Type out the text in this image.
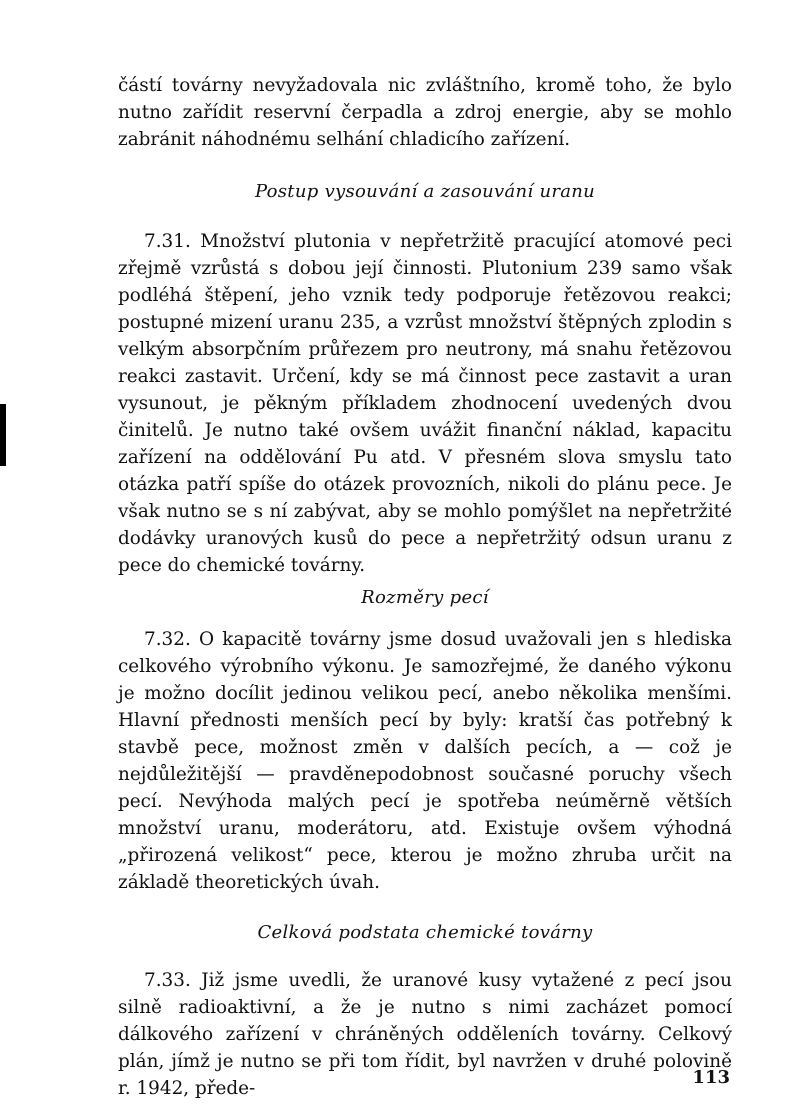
částí továrny nevyžadovala nic zvláštního, kromě toho, že bylo nutno zařídit reservní čerpadla a zdroj energie, aby se mohlo zabránit náhodnému selhání chladicího zařízení.

Postup vysouvání a zasouvání uranu

7.31. Množství plutonia v nepřetržitě pracující atomové peci zřejmě vzrůstá s dobou její činnosti. Plutonium 239 samo však podléhá štěpení, jeho vznik tedy podporuje řetězovou reakci; postupné mizení uranu 235, a vzrůst množství štěpných zplodin s velkým absorpčním průřezem pro neutrony, má snahu řetězovou reakci zastavit. Určení, kdy se má činnost pece zastavit a uran vysunout, je pěkným příkladem zhodnocení uvedených dvou činitelů. Je nutno také ovšem uvážit finanční náklad, kapacitu zařízení na oddělování Pu atd. V přesném slova smyslu tato otázka patří spíše do otázek provozních, nikoli do plánu pece. Je však nutno se s ní zabývat, aby se mohlo pomýšlet na nepřetržité dodávky uranových kusů do pece a nepřetržitý odsun uranu z pece do chemické továrny.

Rozměry pecí

7.32. O kapacitě továrny jsme dosud uvažovali jen s hlediska celkového výrobního výkonu. Je samozřejmé, že daného výkonu je možno docílit jedinou velikou pecí, anebo několika menšími. Hlavní přednosti menších pecí by byly: kratší čas potřebný k stavbě pece, možnost změn v dalších pecích, a — což je nejdůležitější — pravděnepodobnost současné poruchy všech pecí. Nevýhoda malých pecí je spotřeba neúměrně větších množství uranu, moderátoru, atd. Existuje ovšem výhodná „přirozená velikost“ pece, kterou je možno zhruba určit na základě theoretických úvah.

Celková podstata chemické továrny

7.33. Již jsme uvedli, že uranové kusy vytažené z pecí jsou silně radioaktivní, a že je nutno s nimi zacházet pomocí dálkového zařízení v chráněných odděleních továrny. Celkový plán, jímž je nutno se při tom řídit, byl navržen v druhé polovině r. 1942, přede-

113
